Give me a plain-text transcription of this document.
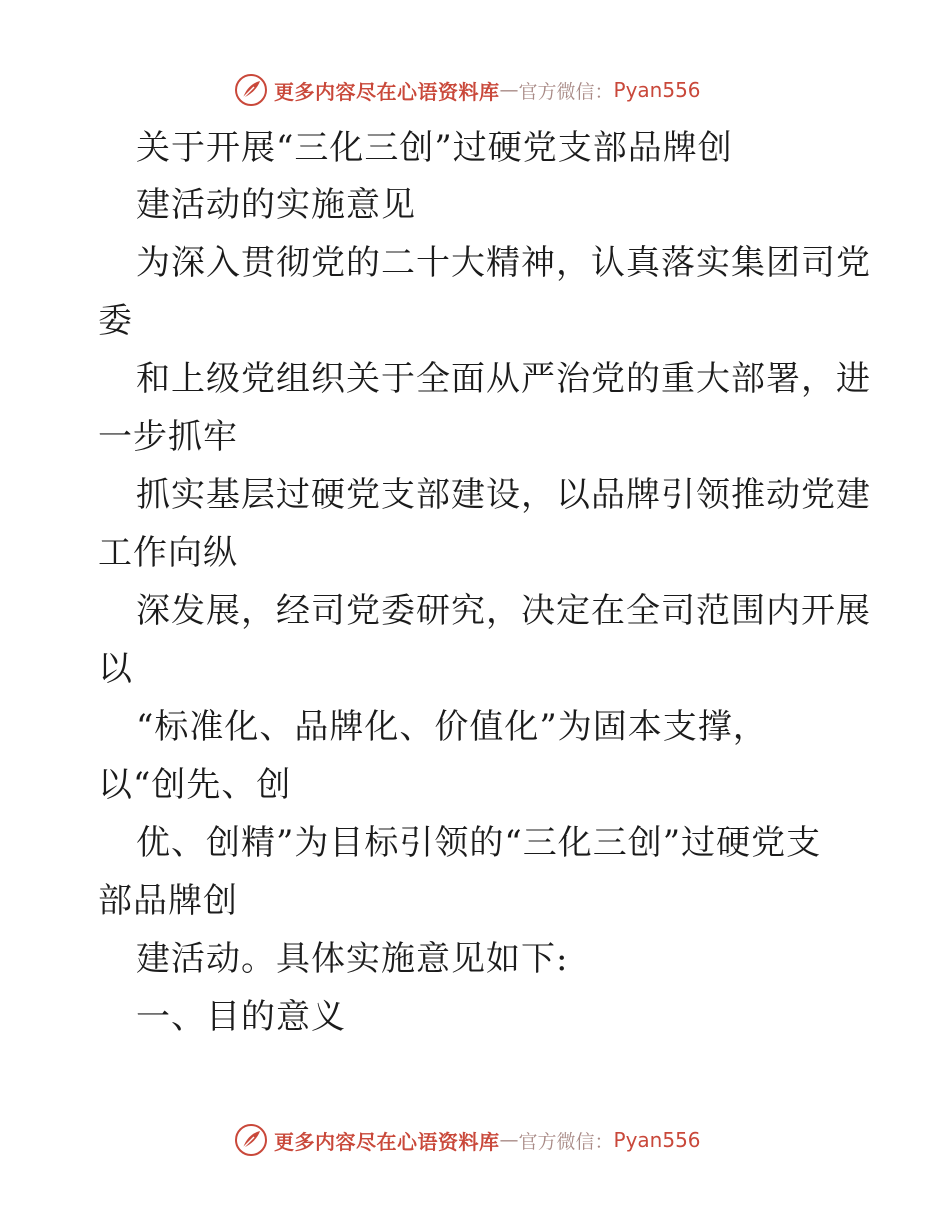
更多内容尽在心语资料库 — 官方微信： Pyan556
关于开展“三化三创”过硬党支部品牌创
建活动的实施意见
为深入贯彻党的二十大精神，认真落实集团司党
委
和上级党组织关于全面从严治党的重大部署，进
一步抓牢
抓实基层过硬党支部建设，以品牌引领推动党建
工作向纵
深发展，经司党委研究，决定在全司范围内开展
以
“标准化、品牌化、价值化”为固本支撑，
以“创先、创
优、创精”为目标引领的“三化三创”过硬党支
部品牌创
建活动。具体实施意见如下:
一、目的意义
更多内容尽在心语资料库 — 官方微信： Pyan556
